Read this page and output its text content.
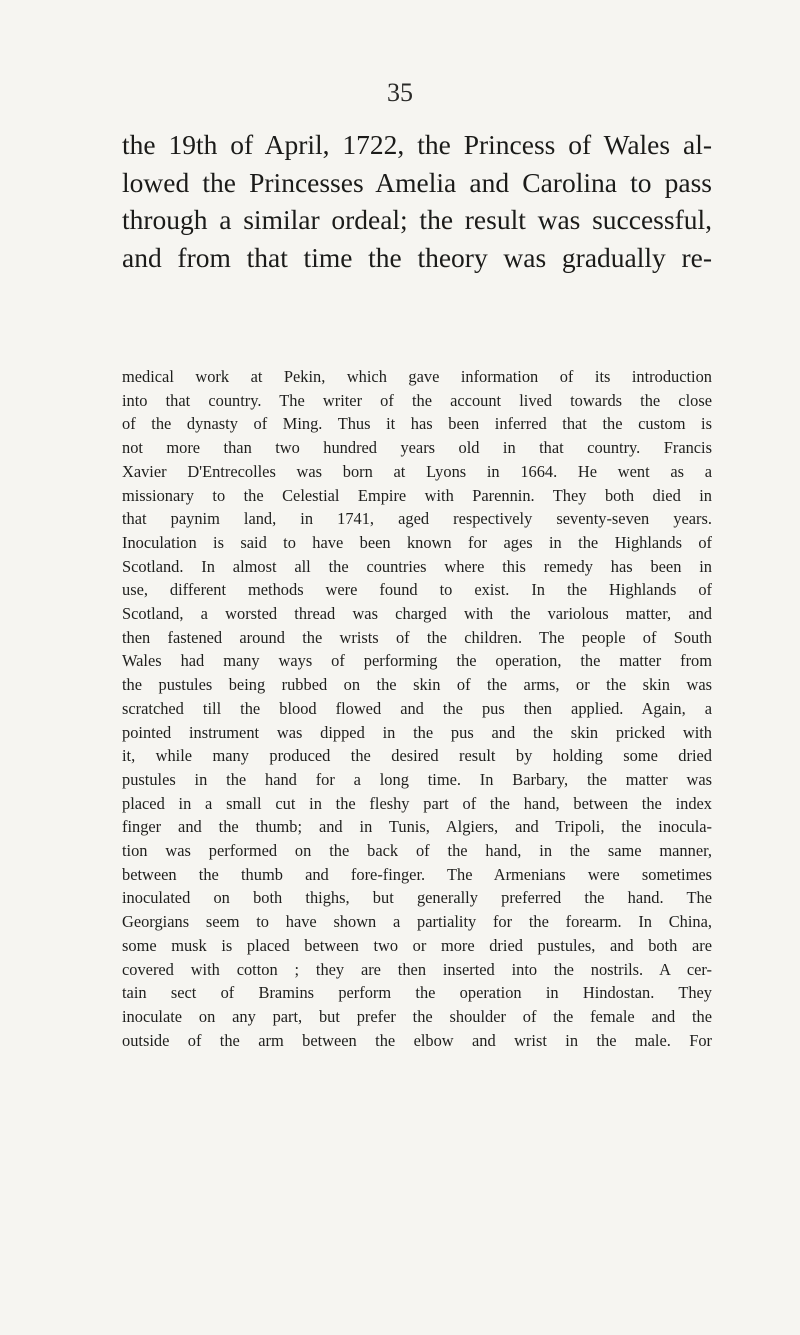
35
the 19th of April, 1722, the Princess of Wales al-
lowed the Princesses Amelia and Carolina to pass
through a similar ordeal; the result was successful,
and from that time the theory was gradually re-
medical work at Pekin, which gave information of its introduction
into that country. The writer of the account lived towards the close
of the dynasty of Ming. Thus it has been inferred that the custom is
not more than two hundred years old in that country. Francis
Xavier D'Entrecolles was born at Lyons in 1664. He went as a
missionary to the Celestial Empire with Parennin. They both died in
that paynim land, in 1741, aged respectively seventy-seven years.
Inoculation is said to have been known for ages in the Highlands of
Scotland. In almost all the countries where this remedy has been in
use, different methods were found to exist. In the Highlands of
Scotland, a worsted thread was charged with the variolous matter, and
then fastened around the wrists of the children. The people of South
Wales had many ways of performing the operation, the matter from
the pustules being rubbed on the skin of the arms, or the skin was
scratched till the blood flowed and the pus then applied. Again, a
pointed instrument was dipped in the pus and the skin pricked with
it, while many produced the desired result by holding some dried
pustules in the hand for a long time. In Barbary, the matter was
placed in a small cut in the fleshy part of the hand, between the index
finger and the thumb; and in Tunis, Algiers, and Tripoli, the inocula-
tion was performed on the back of the hand, in the same manner,
between the thumb and fore-finger. The Armenians were sometimes
inoculated on both thighs, but generally preferred the hand. The
Georgians seem to have shown a partiality for the forearm. In China,
some musk is placed between two or more dried pustules, and both are
covered with cotton ; they are then inserted into the nostrils. A cer-
tain sect of Bramins perform the operation in Hindostan. They
inoculate on any part, but prefer the shoulder of the female and the
outside of the arm between the elbow and wrist in the male. For
